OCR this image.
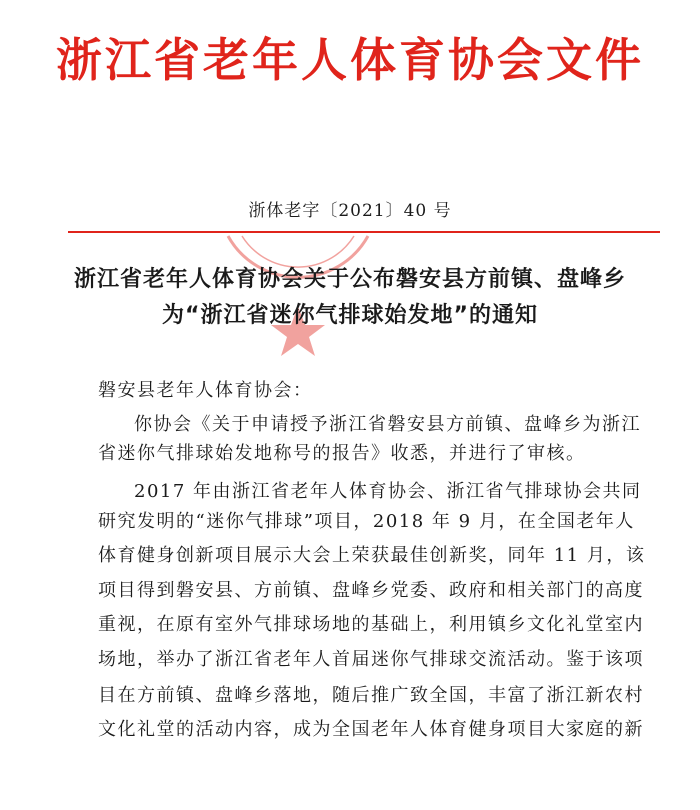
浙江省老年人体育协会文件
浙体老字〔2021〕40 号
浙江省老年人体育协会关于公布磐安县方前镇、盘峰乡
为“浙江省迷你气排球始发地”的通知
磐安县老年人体育协会：
你协会《关于申请授予浙江省磐安县方前镇、盘峰乡为浙江
省迷你气排球始发地称号的报告》收悉，并进行了审核。
2017 年由浙江省老年人体育协会、浙江省气排球协会共同
研究发明的“迷你气排球”项目，2018 年 9 月，在全国老年人
体育健身创新项目展示大会上荣获最佳创新奖，同年 11 月，该
项目得到磐安县、方前镇、盘峰乡党委、政府和相关部门的高度
重视，在原有室外气排球场地的基础上，利用镇乡文化礼堂室内
场地，举办了浙江省老年人首届迷你气排球交流活动。鉴于该项
目在方前镇、盘峰乡落地，随后推广致全国，丰富了浙江新农村
文化礼堂的活动内容，成为全国老年人体育健身项目大家庭的新
